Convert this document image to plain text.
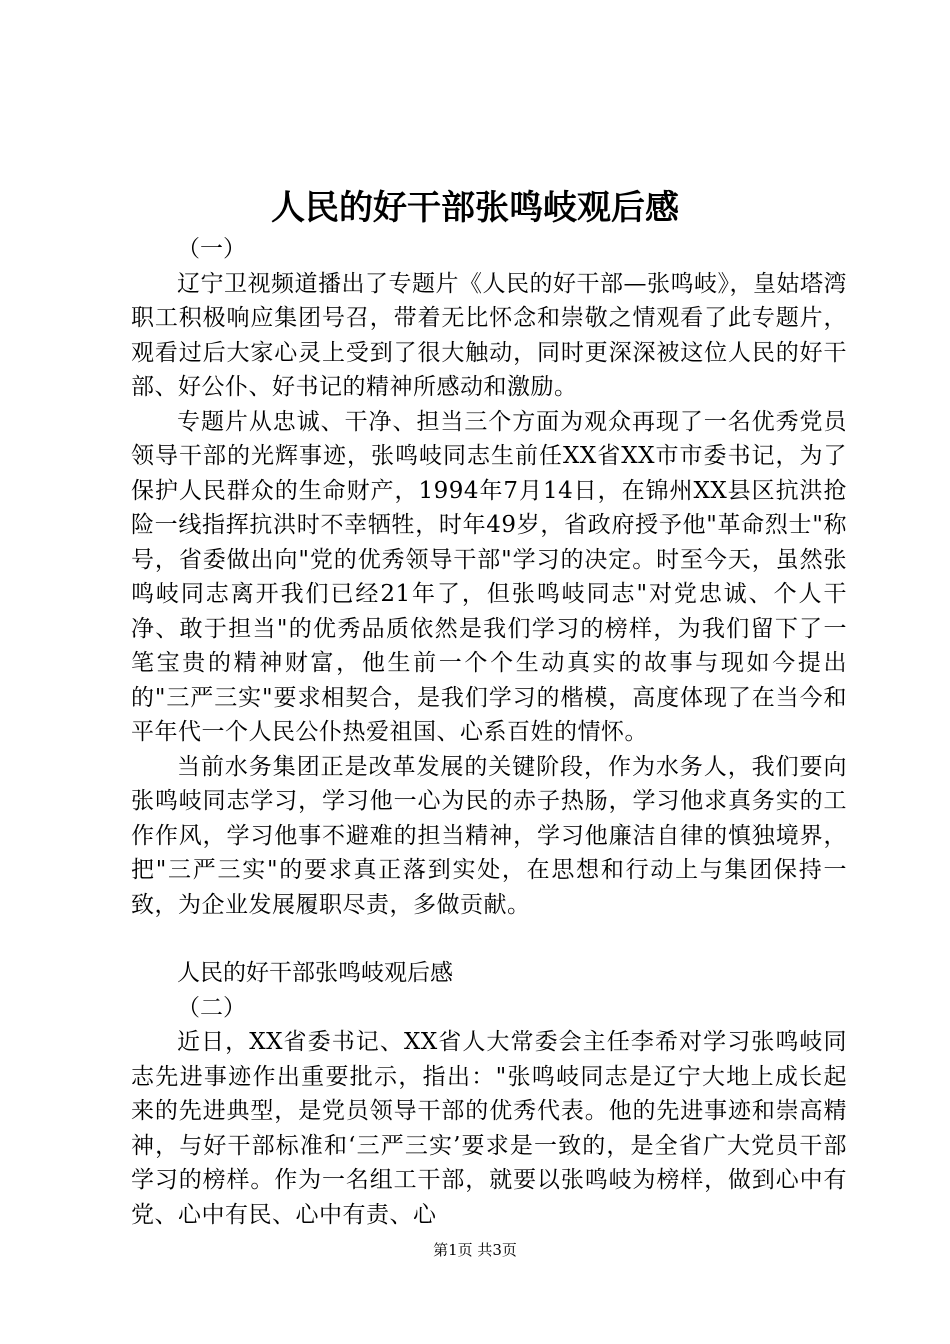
人民的好干部张鸣岐观后感

（一）

辽宁卫视频道播出了专题片《人民的好干部—张鸣岐》，皇姑塔湾职工积极响应集团号召，带着无比怀念和崇敬之情观看了此专题片，观看过后大家心灵上受到了很大触动，同时更深深被这位人民的好干部、好公仆、好书记的精神所感动和激励。

专题片从忠诚、干净、担当三个方面为观众再现了一名优秀党员领导干部的光辉事迹，张鸣岐同志生前任XX省XX市市委书记，为了保护人民群众的生命财产，1994年7月14日，在锦州XX县区抗洪抢险一线指挥抗洪时不幸牺牲，时年49岁，省政府授予他"革命烈士"称号，省委做出向"党的优秀领导干部"学习的决定。时至今天，虽然张鸣岐同志离开我们已经21年了，但张鸣岐同志"对党忠诚、个人干净、敢于担当"的优秀品质依然是我们学习的榜样，为我们留下了一笔宝贵的精神财富，他生前一个个生动真实的故事与现如今提出的"三严三实"要求相契合，是我们学习的楷模，高度体现了在当今和平年代一个人民公仆热爱祖国、心系百姓的情怀。

当前水务集团正是改革发展的关键阶段，作为水务人，我们要向张鸣岐同志学习，学习他一心为民的赤子热肠，学习他求真务实的工作作风，学习他事不避难的担当精神，学习他廉洁自律的慎独境界，把"三严三实"的要求真正落到实处，在思想和行动上与集团保持一致，为企业发展履职尽责，多做贡献。

人民的好干部张鸣岐观后感

（二）

近日，XX省委书记、XX省人大常委会主任李希对学习张鸣岐同志先进事迹作出重要批示，指出："张鸣岐同志是辽宁大地上成长起来的先进典型，是党员领导干部的优秀代表。他的先进事迹和崇高精神，与好干部标准和‘三严三实’要求是一致的，是全省广大党员干部学习的榜样。作为一名组工干部，就要以张鸣岐为榜样，做到心中有党、心中有民、心中有责、心

第1页 共3页
